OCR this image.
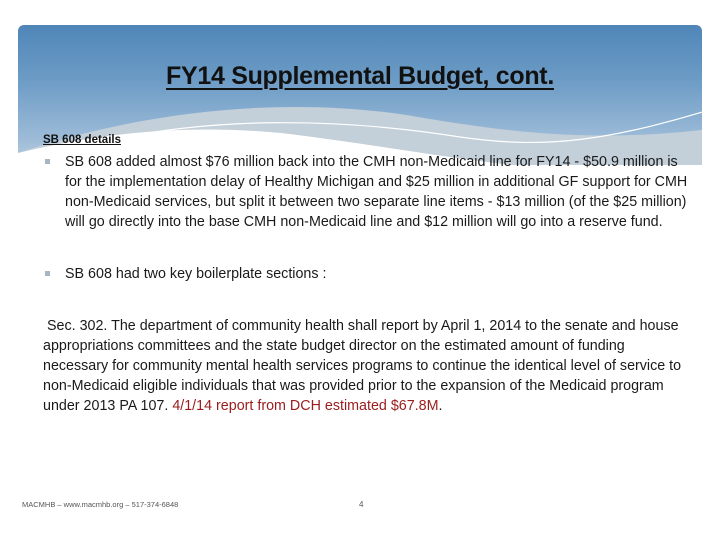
FY14 Supplemental Budget, cont.
SB 608 details
SB 608 added almost $76 million back into the CMH non-Medicaid line for FY14 - $50.9 million is for the implementation delay of Healthy Michigan and $25 million in additional GF support for CMH non-Medicaid services, but split it between two separate line items - $13 million (of the $25 million) will go directly into the base CMH non-Medicaid line and $12 million will go into a reserve fund.
SB 608 had two key boilerplate sections :
Sec. 302. The department of community health shall report by April 1, 2014 to the senate and house appropriations committees and the state budget director on the estimated amount of funding necessary for community mental health services programs to continue the identical level of service to non-Medicaid eligible individuals that was provided prior to the expansion of the Medicaid program under 2013 PA 107. 4/1/14 report from DCH estimated $67.8M.
MACMHB – www.macmhb.org – 517-374-6848	4
